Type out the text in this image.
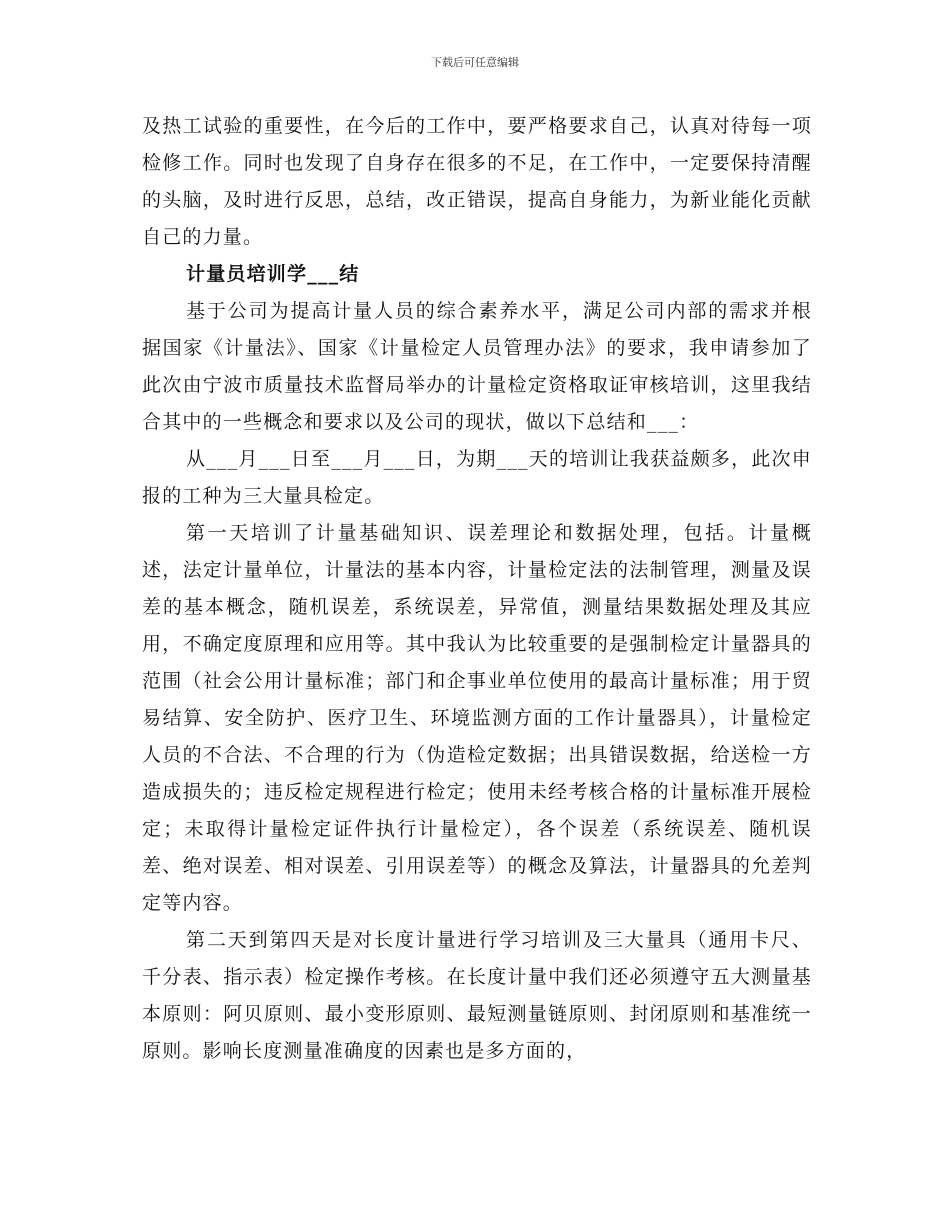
下载后可任意编辑

及热工试验的重要性，在今后的工作中，要严格要求自己，认真对待每一项检修工作。同时也发现了自身存在很多的不足，在工作中，一定要保持清醒的头脑，及时进行反思，总结，改正错误，提高自身能力，为新业能化贡献自己的力量。

计量员培训学___结

基于公司为提高计量人员的综合素养水平，满足公司内部的需求并根据国家《计量法》、国家《计量检定人员管理办法》的要求，我申请参加了此次由宁波市质量技术监督局举办的计量检定资格取证审核培训，这里我结合其中的一些概念和要求以及公司的现状，做以下总结和___：

从___月___日至___月___日，为期___天的培训让我获益颇多，此次申报的工种为三大量具检定。

第一天培训了计量基础知识、误差理论和数据处理，包括。计量概述，法定计量单位，计量法的基本内容，计量检定法的法制管理，测量及误差的基本概念，随机误差，系统误差，异常值，测量结果数据处理及其应用，不确定度原理和应用等。其中我认为比较重要的是强制检定计量器具的范围（社会公用计量标准；部门和企事业单位使用的最高计量标准；用于贸易结算、安全防护、医疗卫生、环境监测方面的工作计量器具），计量检定人员的不合法、不合理的行为（伪造检定数据；出具错误数据，给送检一方造成损失的；违反检定规程进行检定；使用未经考核合格的计量标准开展检定；未取得计量检定证件执行计量检定），各个误差（系统误差、随机误差、绝对误差、相对误差、引用误差等）的概念及算法，计量器具的允差判定等内容。

第二天到第四天是对长度计量进行学习培训及三大量具（通用卡尺、千分表、指示表）检定操作考核。在长度计量中我们还必须遵守五大测量基本原则：阿贝原则、最小变形原则、最短测量链原则、封闭原则和基准统一原则。影响长度测量准确度的因素也是多方面的，
